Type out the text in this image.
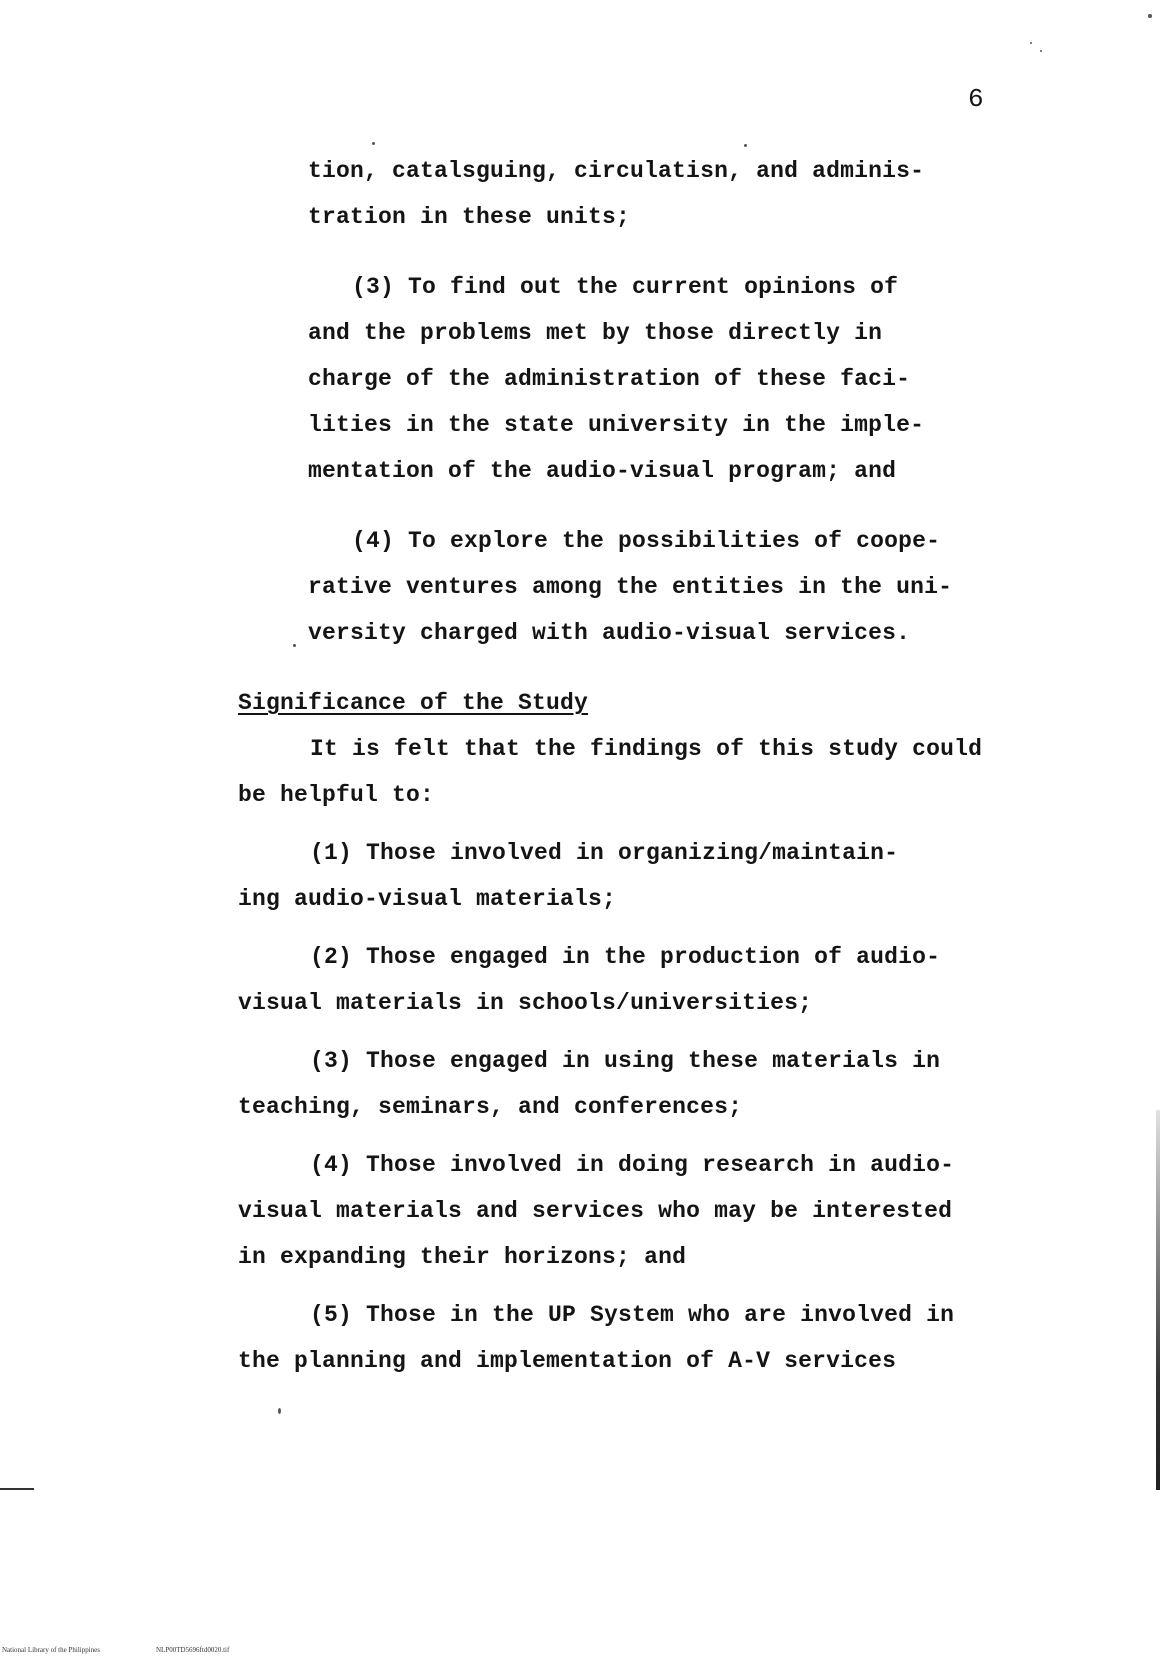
6
tion, catalsguing, circulatisn, and adminis-
tration in these units;
(3) To find out the current opinions of
and the problems met by those directly in
charge of the administration of these faci-
lities in the state university in the imple-
mentation of the audio-visual program; and
(4) To explore the possibilities of coope-
rative ventures among the entities in the uni-
versity charged with audio-visual services.
Significance of the Study
It is felt that the findings of this study could
be helpful to:
(1) Those involved in organizing/maintain-
ing audio-visual materials;
(2) Those engaged in the production of audio-
visual materials in schools/universities;
(3) Those engaged in using these materials in
teaching, seminars, and conferences;
(4) Those involved in doing research in audio-
visual materials and services who may be interested
in expanding their horizons; and
(5) Those in the UP System who are involved in
the planning and implementation of A-V services
National Library of the Philippines	NLP00TD5696ftd0020.tif
